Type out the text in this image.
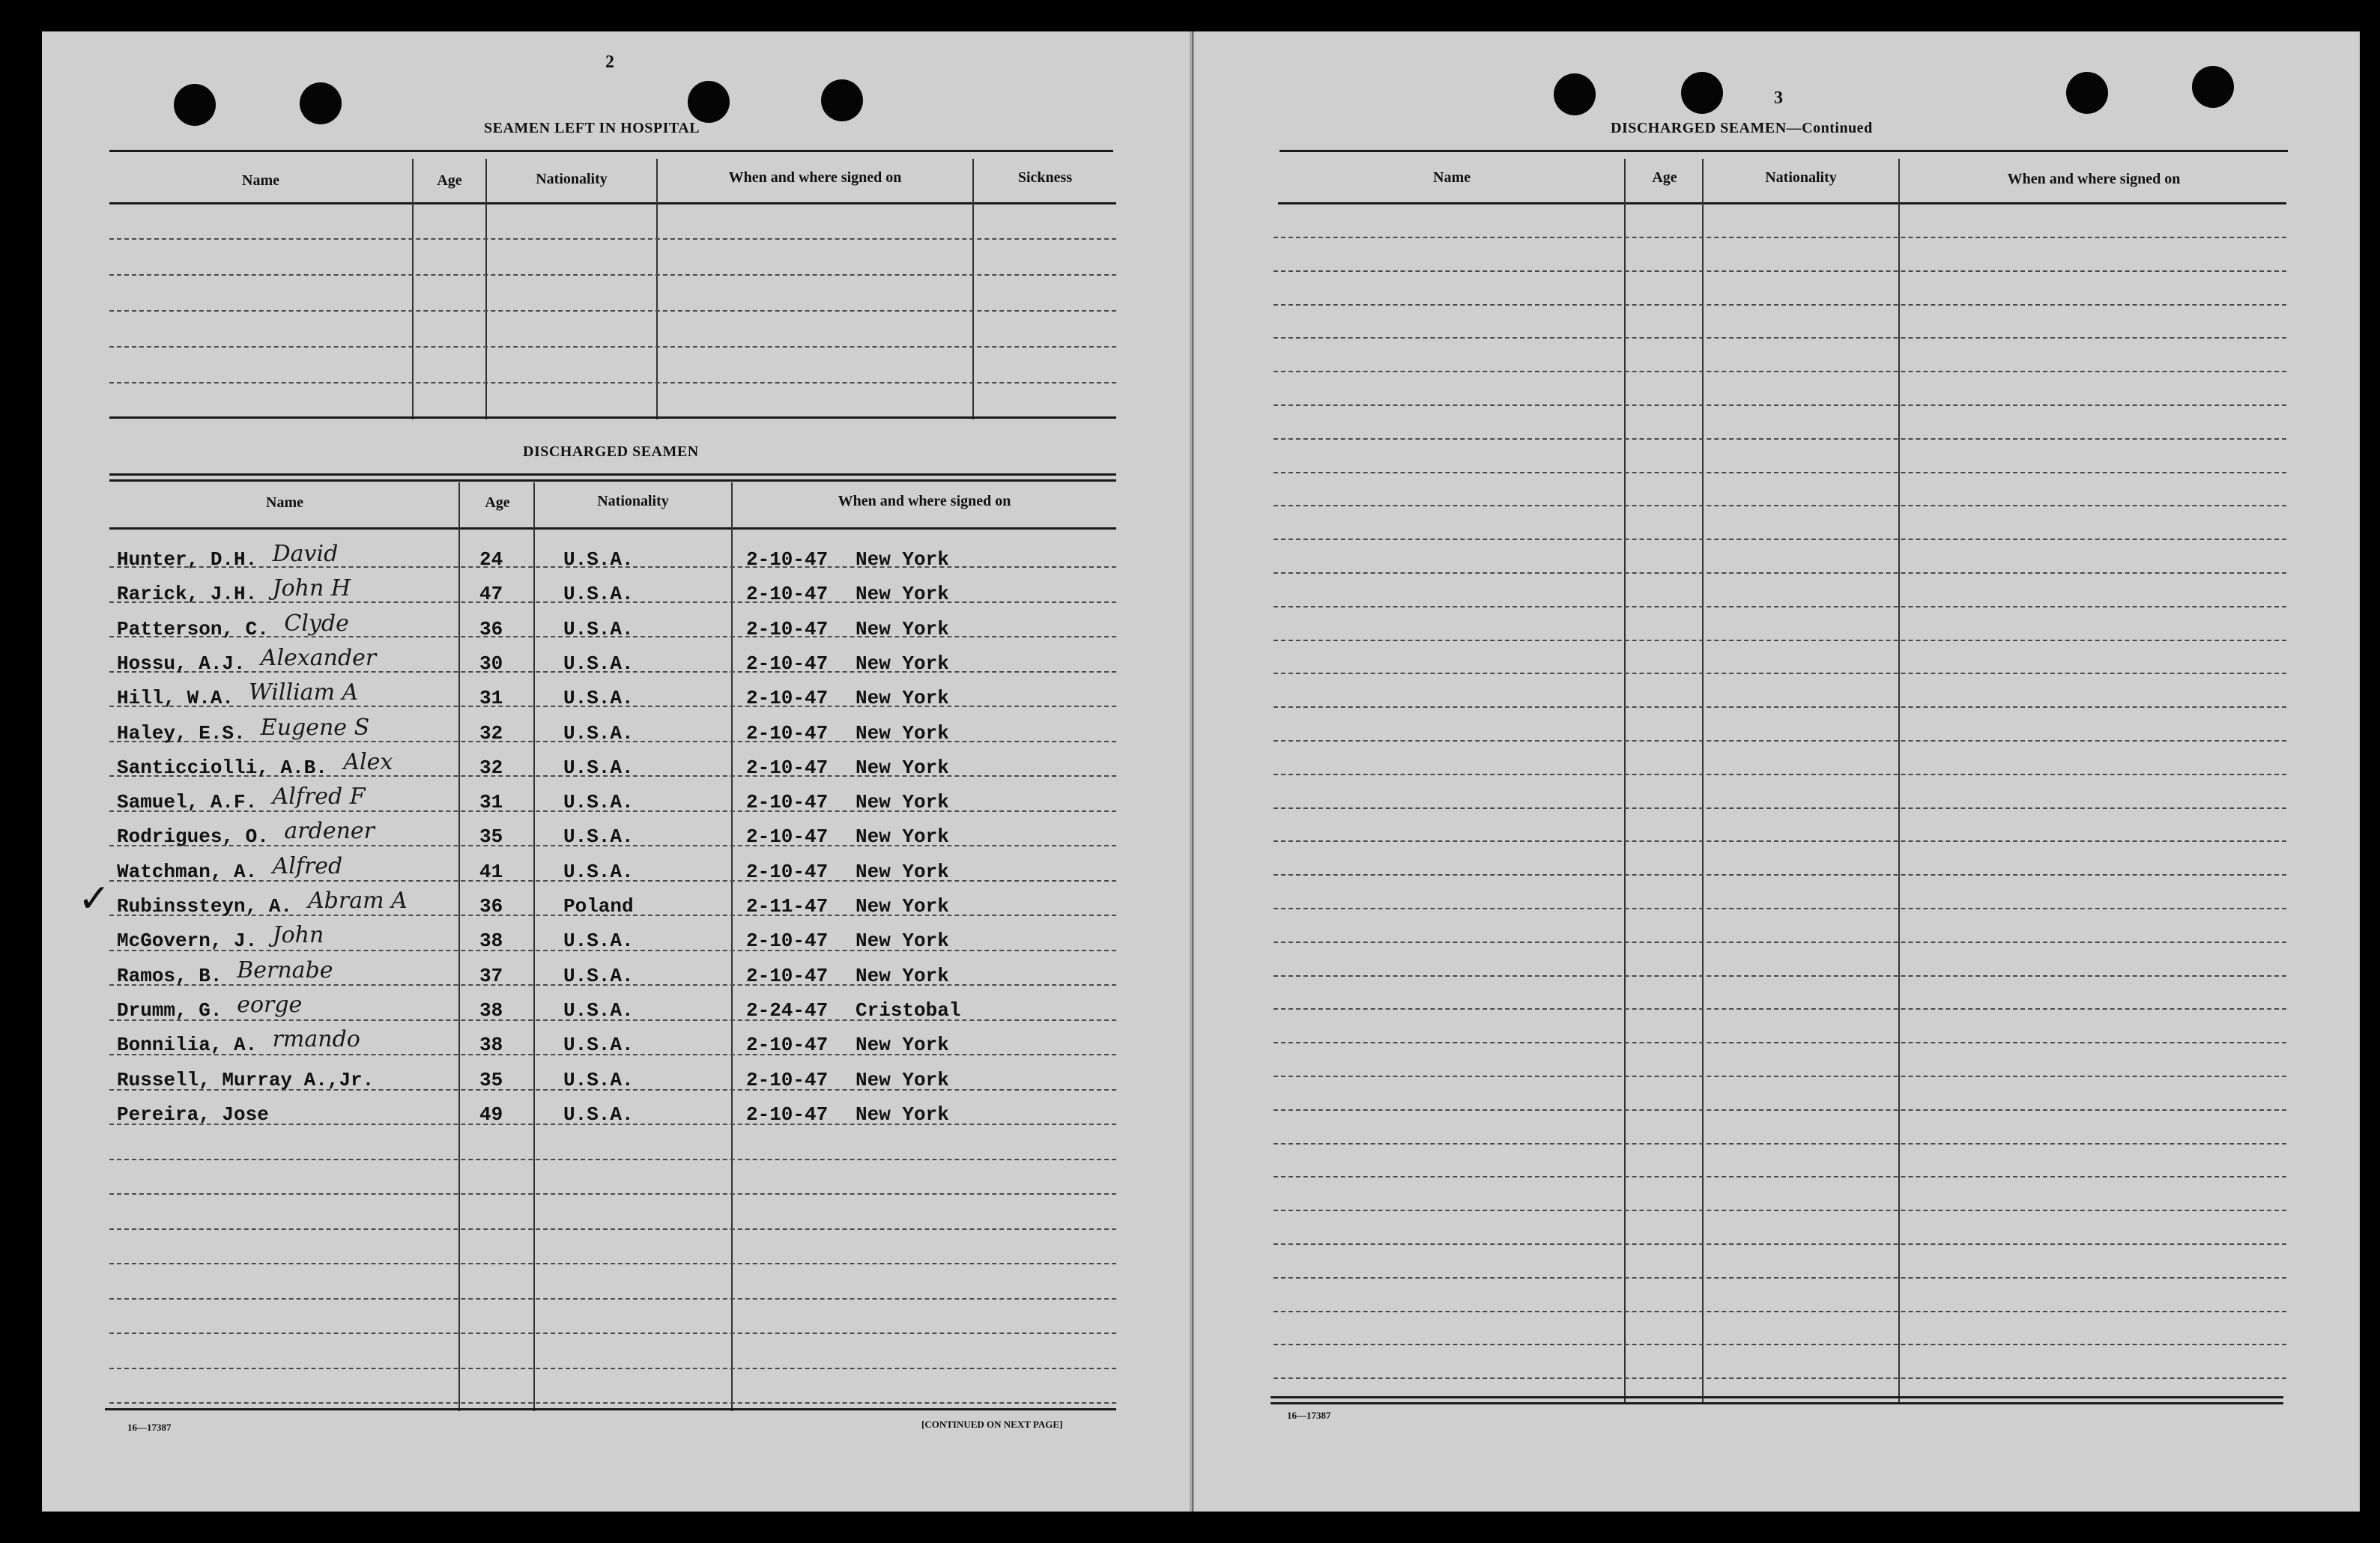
2
SEAMEN LEFT IN HOSPITAL
Name	Age	Nationality	When and where signed on	Sickness
DISCHARGED SEAMEN
Name	Age	Nationality	When and where signed on
Hunter, D.H. David	24	U.S.A.	2-10-47 New York
Rarick, J.H. John H	47	U.S.A.	2-10-47 New York
Patterson, C. Clyde	36	U.S.A.	2-10-47 New York
Hossu, A.J. Alexander	30	U.S.A.	2-10-47 New York
Hill, W.A. William A	31	U.S.A.	2-10-47 New York
Haley, E.S. Eugene S	32	U.S.A.	2-10-47 New York
Santicciolli, A.B. Alex	32	U.S.A.	2-10-47 New York
Samuel, A.F. Alfred F	31	U.S.A.	2-10-47 New York
Rodrigues, O. ardener	35	U.S.A.	2-10-47 New York
Watchman, A. Alfred	41	U.S.A.	2-10-47 New York
Rubinssteyn, A. Abram A	36	Poland	2-11-47 New York
McGovern, J. John	38	U.S.A.	2-10-47 New York
Ramos, B. Bernabe	37	U.S.A.	2-10-47 New York
Drumm, G. eorge	38	U.S.A.	2-24-47 Cristobal
Bonnilia, A. rmando	38	U.S.A.	2-10-47 New York
Russell, Murray A.,Jr.	35	U.S.A.	2-10-47 New York
Pereira, Jose	49	U.S.A.	2-10-47 New York
✓
16—17387	[CONTINUED ON NEXT PAGE]
3
DISCHARGED SEAMEN—Continued
Name	Age	Nationality	When and where signed on
16—17387
